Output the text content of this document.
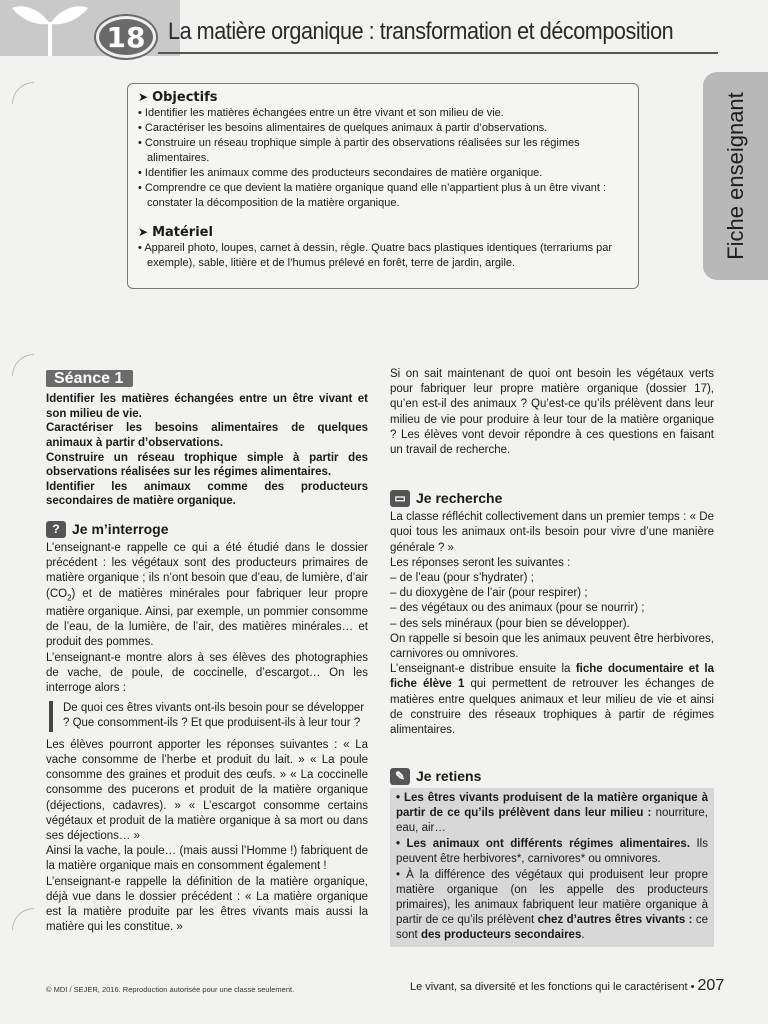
18 La matière organique : transformation et décomposition
Fiche enseignant
➤ Objectifs
• Identifier les matières échangées entre un être vivant et son milieu de vie.
• Caractériser les besoins alimentaires de quelques animaux à partir d’observations.
• Construire un réseau trophique simple à partir des observations réalisées sur les régimes alimentaires.
• Identifier les animaux comme des producteurs secondaires de matière organique.
• Comprendre ce que devient la matière organique quand elle n’appartient plus à un être vivant : constater la décomposition de la matière organique.
➤ Matériel
• Appareil photo, loupes, carnet à dessin, règle. Quatre bacs plastiques identiques (terrariums par exemple), sable, litière et de l’humus prélevé en forêt, terre de jardin, argile.
Séance 1
Identifier les matières échangées entre un être vivant et son milieu de vie.
Caractériser les besoins alimentaires de quelques animaux à partir d’observations.
Construire un réseau trophique simple à partir des observations réalisées sur les régimes alimentaires.
Identifier les animaux comme des producteurs secondaires de matière organique.
? Je m’interroge

L’enseignant-e rappelle ce qui a été étudié dans le dossier précédent : les végétaux sont des producteurs primaires de matière organique ; ils n’ont besoin que d’eau, de lumière, d’air $(CO_2)$ et de matières minérales pour fabriquer leur propre matière organique. Ainsi, par exemple, un pommier consomme de l’eau, de la lumière, de l’air, des matières minérales… et produit des pommes.

L’enseignant-e montre alors à ses élèves des photographies de vache, de poule, de coccinelle, d’escargot… On les interroge alors :

De quoi ces êtres vivants ont-ils besoin pour se développer ? Que consomment-ils ? Et que produisent-ils à leur tour ?

Les élèves pourront apporter les réponses suivantes : « La vache consomme de l’herbe et produit du lait. » « La poule consomme des graines et produit des œufs. » « La coccinelle consomme des pucerons et produit de la matière organique (déjections, cadavres). » « L’escargot consomme certains végétaux et produit de la matière organique à sa mort ou dans ses déjections… »

Ainsi la vache, la poule… (mais aussi l’Homme !) fabriquent de la matière organique mais en consomment également !

L’enseignant-e rappelle la définition de la matière organique, déjà vue dans le dossier précédent : « La matière organique est la matière produite par les êtres vivants mais aussi la matière qui les constitue. »

Si on sait maintenant de quoi ont besoin les végétaux verts pour fabriquer leur propre matière organique (dossier 17), qu’en est-il des animaux ? Qu’est-ce qu’ils prélèvent dans leur milieu de vie pour produire à leur tour de la matière organique ? Les élèves vont devoir répondre à ces questions en faisant un travail de recherche.

▭ Je recherche

La classe réfléchit collectivement dans un premier temps : « De quoi tous les animaux ont-ils besoin pour vivre d’une manière générale ? »

Les réponses seront les suivantes :

– de l’eau (pour s’hydrater) ;
– du dioxygène de l’air (pour respirer) ;
– des végétaux ou des animaux (pour se nourrir) ;
– des sels minéraux (pour bien se développer).

On rappelle si besoin que les animaux peuvent être herbivores, carnivores ou omnivores.

L’enseignant-e distribue ensuite la fiche documentaire et la fiche élève 1 qui permettent de retrouver les échanges de matières entre quelques animaux et leur milieu de vie et ainsi de construire des réseaux trophiques à partir de régimes alimentaires.

✎ Je retiens

• Les êtres vivants produisent de la matière organique à partir de ce qu’ils prélèvent dans leur milieu : nourriture, eau, air…

• Les animaux ont différents régimes alimentaires. Ils peuvent être herbivores*, carnivores* ou omnivores.

• À la différence des végétaux qui produisent leur propre matière organique (on les appelle des producteurs primaires), les animaux fabriquent leur matière organique à partir de ce qu’ils prélèvent chez d’autres êtres vivants : ce sont des producteurs secondaires.

© MDI / SEJER, 2016. Reproduction autorisée pour une classe seulement.	Le vivant, sa diversité et les fonctions qui le caractérisent • 207
